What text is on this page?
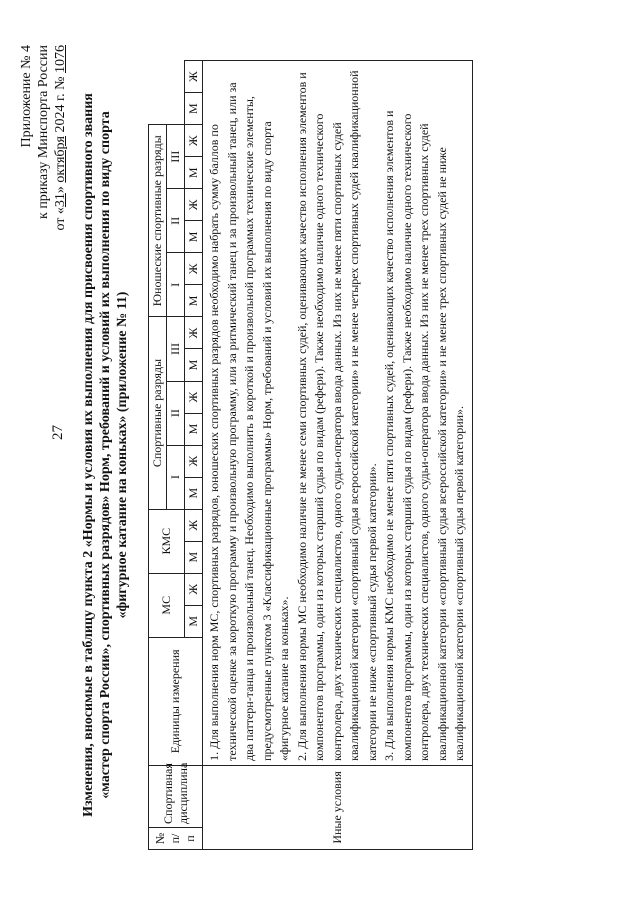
27
Приложение № 4 к приказу Минспорта России от «31» октября 2024 г. № 1076
Изменения, вносимые в таблицу пункта 2 «Нормы и условия их выполнения для присвоения спортивного звания «мастер спорта России», спортивных разрядов» Норм, требований и условий их выполнения по виду спорта «фигурное катание на коньках» (приложение № 11)
№ п/п	Спортивная дисциплина	Единицы измерения	МС		КМС		Спортивные разряды						Юношеские спортивные разряды							
							I		II		III		I		II		III			
			М	Ж	М	Ж	М	Ж	М	Ж	М	Ж	М	Ж	М	Ж	М	Ж	М	Ж
Иные условия		1. Для выполнения норм МС, спортивных разрядов, юношеских спортивных разрядов необходимо набрать сумму баллов по технической оценке за короткую программу и произвольную программу, или за ритмический танец и за произвольный танец, или за два паттерн-танца и произвольный танец. Необходимо выполнить в короткой и произвольной программах технические элементы, предусмотренные пунктом 3 «Классификационные программы» Норм, требований и условий их выполнения по виду спорта «фигурное катание на коньках». 2. Для выполнения нормы МС необходимо наличие не менее семи спортивных судей, оценивающих качество исполнения элементов и компонентов программы, один из которых старший судья по видам (рефери). Также необходимо наличие одного технического контролера, двух технических специалистов, одного судьи-оператора ввода данных. Из них не менее пяти спортивных судей квалификационной категории «спортивный судья всероссийской категории» и не менее четырех спортивных судей квалификационной категории не ниже «спортивный судья первой категории». 3. Для выполнения нормы КМС необходимо не менее пяти спортивных судей, оценивающих качество исполнения элементов и компонентов программы, один из которых старший судья по видам (рефери). Также необходимо наличие одного технического контролера, двух технических специалистов, одного судьи-оператора ввода данных. Из них не менее трех спортивных судей квалификационной категории «спортивный судья всероссийской категории» и не менее трех спортивных судей не ниже квалификационной категории «спортивный судья первой категории».																		
